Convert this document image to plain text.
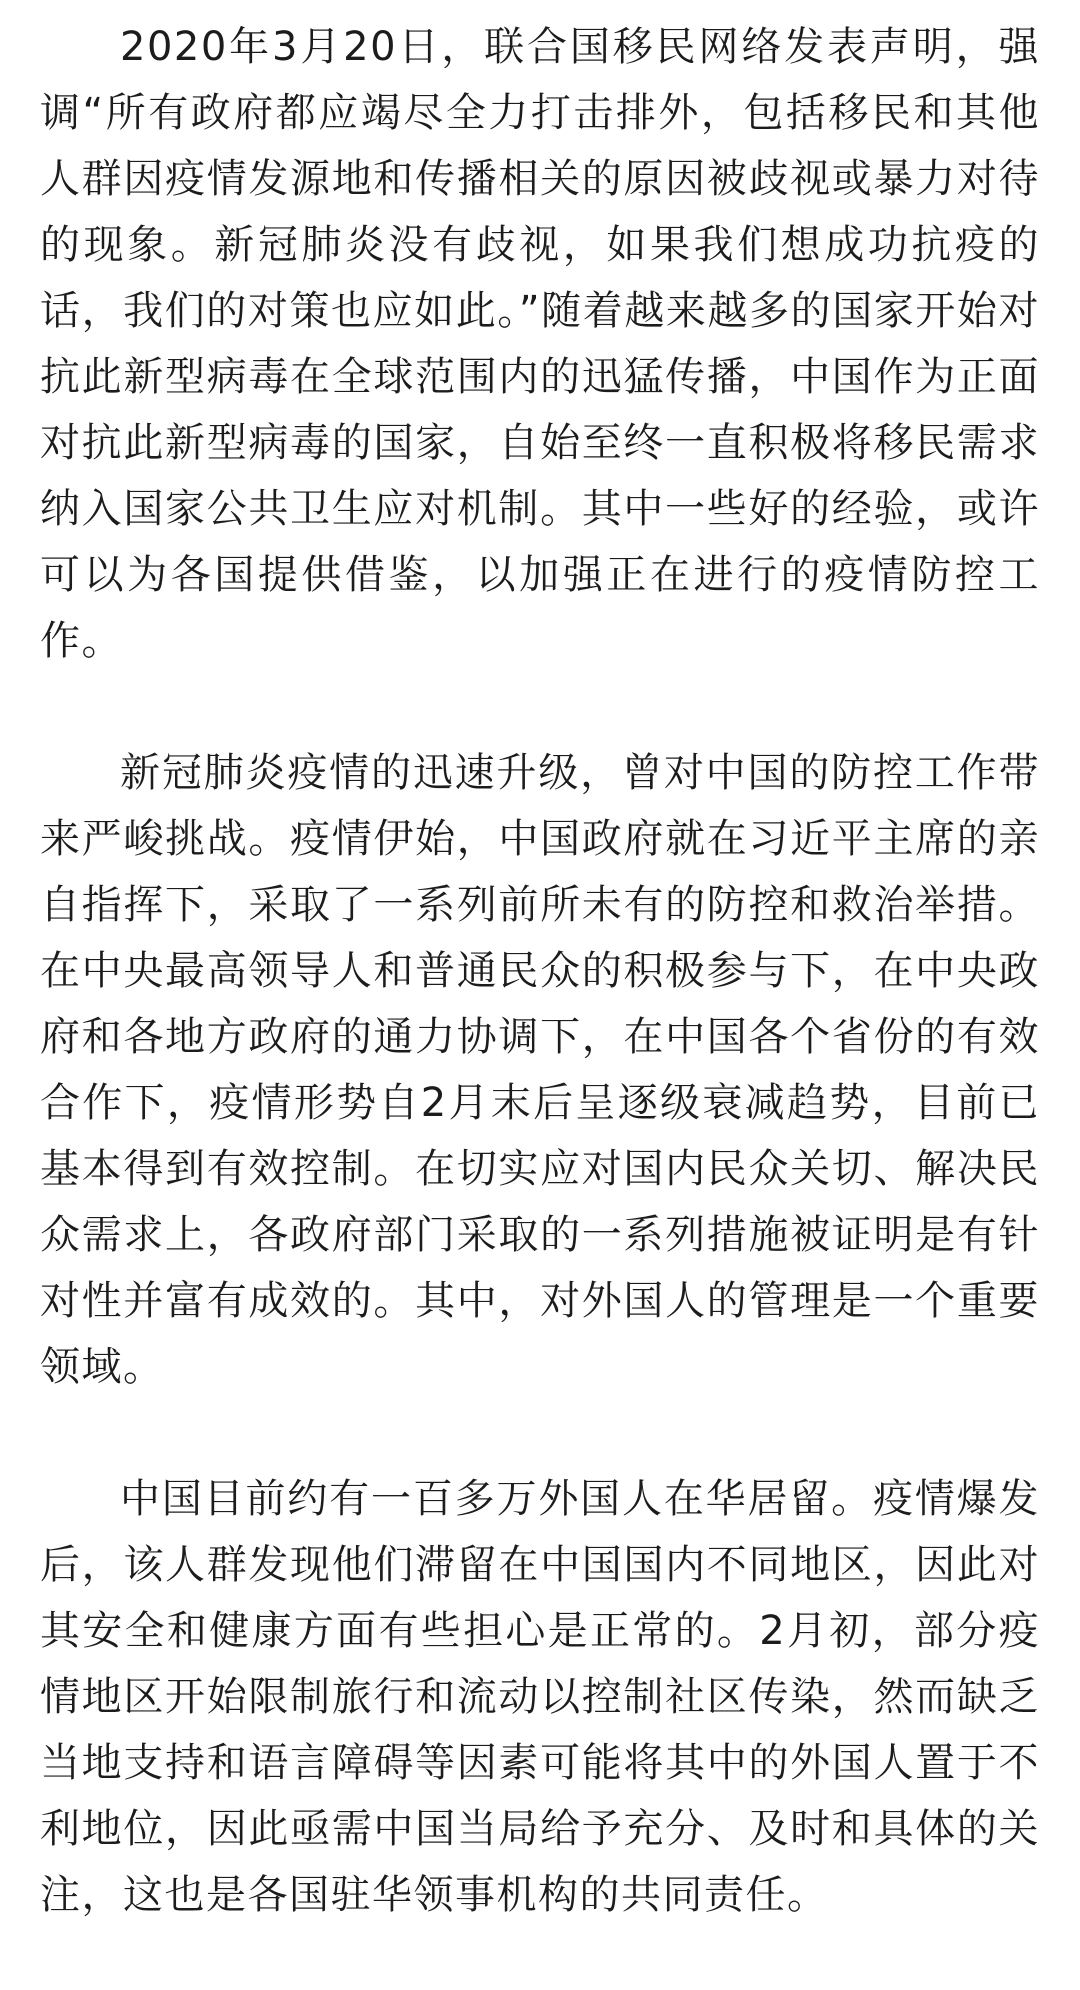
2020年3月20日，联合国移民网络发表声明，强调“所有政府都应竭尽全力打击排外，包括移民和其他人群因疫情发源地和传播相关的原因被歧视或暴力对待的现象。新冠肺炎没有歧视，如果我们想成功抗疫的话，我们的对策也应如此。”随着越来越多的国家开始对抗此新型病毒在全球范围内的迅猛传播，中国作为正面对抗此新型病毒的国家，自始至终一直积极将移民需求纳入国家公共卫生应对机制。其中一些好的经验，或许可以为各国提供借鉴，以加强正在进行的疫情防控工作。

新冠肺炎疫情的迅速升级，曾对中国的防控工作带来严峻挑战。疫情伊始，中国政府就在习近平主席的亲自指挥下，采取了一系列前所未有的防控和救治举措。在中央最高领导人和普通民众的积极参与下，在中央政府和各地方政府的通力协调下，在中国各个省份的有效合作下，疫情形势自2月末后呈逐级衰减趋势，目前已基本得到有效控制。在切实应对国内民众关切、解决民众需求上，各政府部门采取的一系列措施被证明是有针对性并富有成效的。其中，对外国人的管理是一个重要领域。

中国目前约有一百多万外国人在华居留。疫情爆发后，该人群发现他们滞留在中国国内不同地区，因此对其安全和健康方面有些担心是正常的。2月初，部分疫情地区开始限制旅行和流动以控制社区传染，然而缺乏当地支持和语言障碍等因素可能将其中的外国人置于不利地位，因此亟需中国当局给予充分、及时和具体的关注，这也是各国驻华领事机构的共同责任。
